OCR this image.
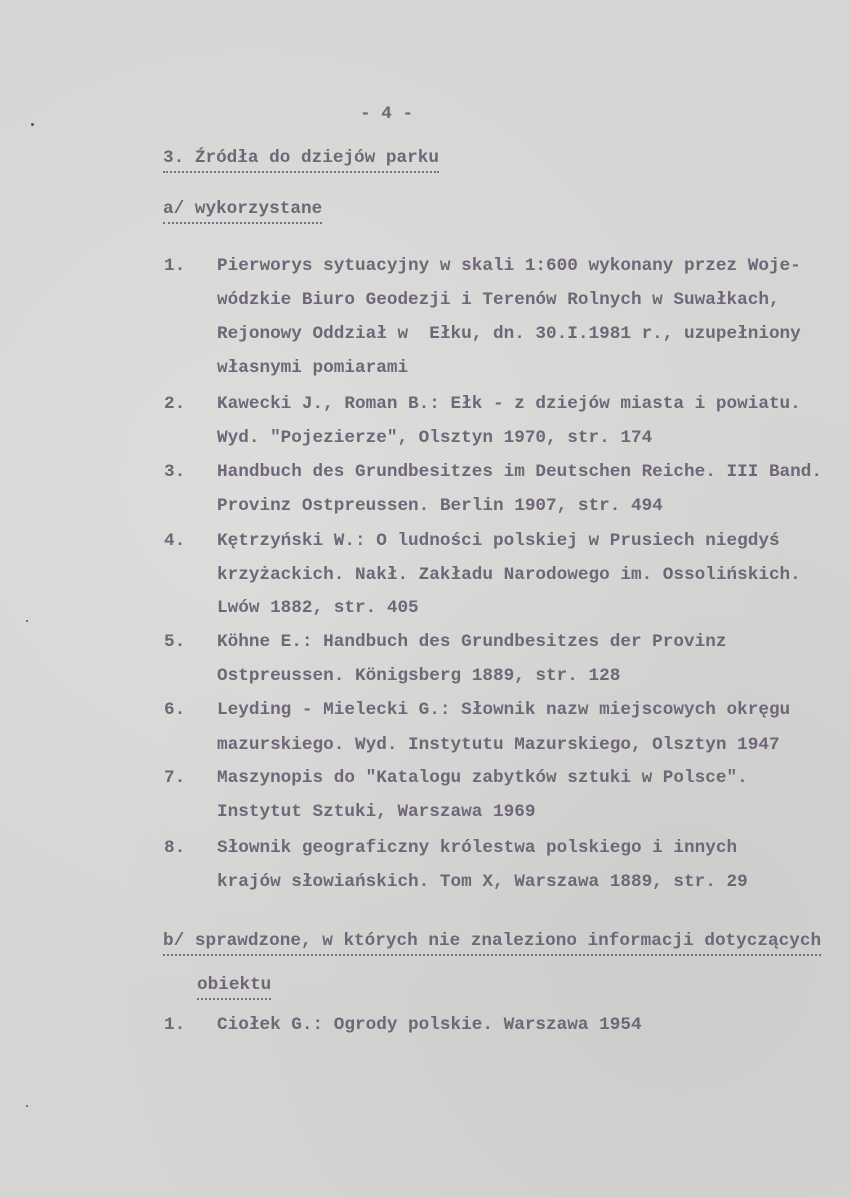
- 4 -
3. Źródła do dziejów parku
a/ wykorzystane
1. Pierworys sytuacyjny w skali 1:600 wykonany przez Woje-
wódzkie Biuro Geodezji i Terenów Rolnych w Suwałkach,
Rejonowy Oddział w  Ełku, dn. 30.I.1981 r., uzupełniony
własnymi pomiarami
2. Kawecki J., Roman B.: Ełk - z dziejów miasta i powiatu.
Wyd. "Pojezierze", Olsztyn 1970, str. 174
3. Handbuch des Grundbesitzes im Deutschen Reiche. III Band.
Provinz Ostpreussen. Berlin 1907, str. 494
4. Kętrzyński W.: O ludności polskiej w Prusiech niegdyś
krzyżackich. Nakł. Zakładu Narodowego im. Ossolińskich.
Lwów 1882, str. 405
5. Köhne E.: Handbuch des Grundbesitzes der Provinz
Ostpreussen. Königsberg 1889, str. 128
6. Leyding - Mielecki G.: Słownik nazw miejscowych okręgu
mazurskiego. Wyd. Instytutu Mazurskiego, Olsztyn 1947
7. Maszynopis do "Katalogu zabytków sztuki w Polsce".
Instytut Sztuki, Warszawa 1969
8. Słownik geograficzny królestwa polskiego i innych
krajów słowiańskich. Tom X, Warszawa 1889, str. 29
b/ sprawdzone, w których nie znaleziono informacji dotyczących
obiektu
1. Ciołek G.: Ogrody polskie. Warszawa 1954
